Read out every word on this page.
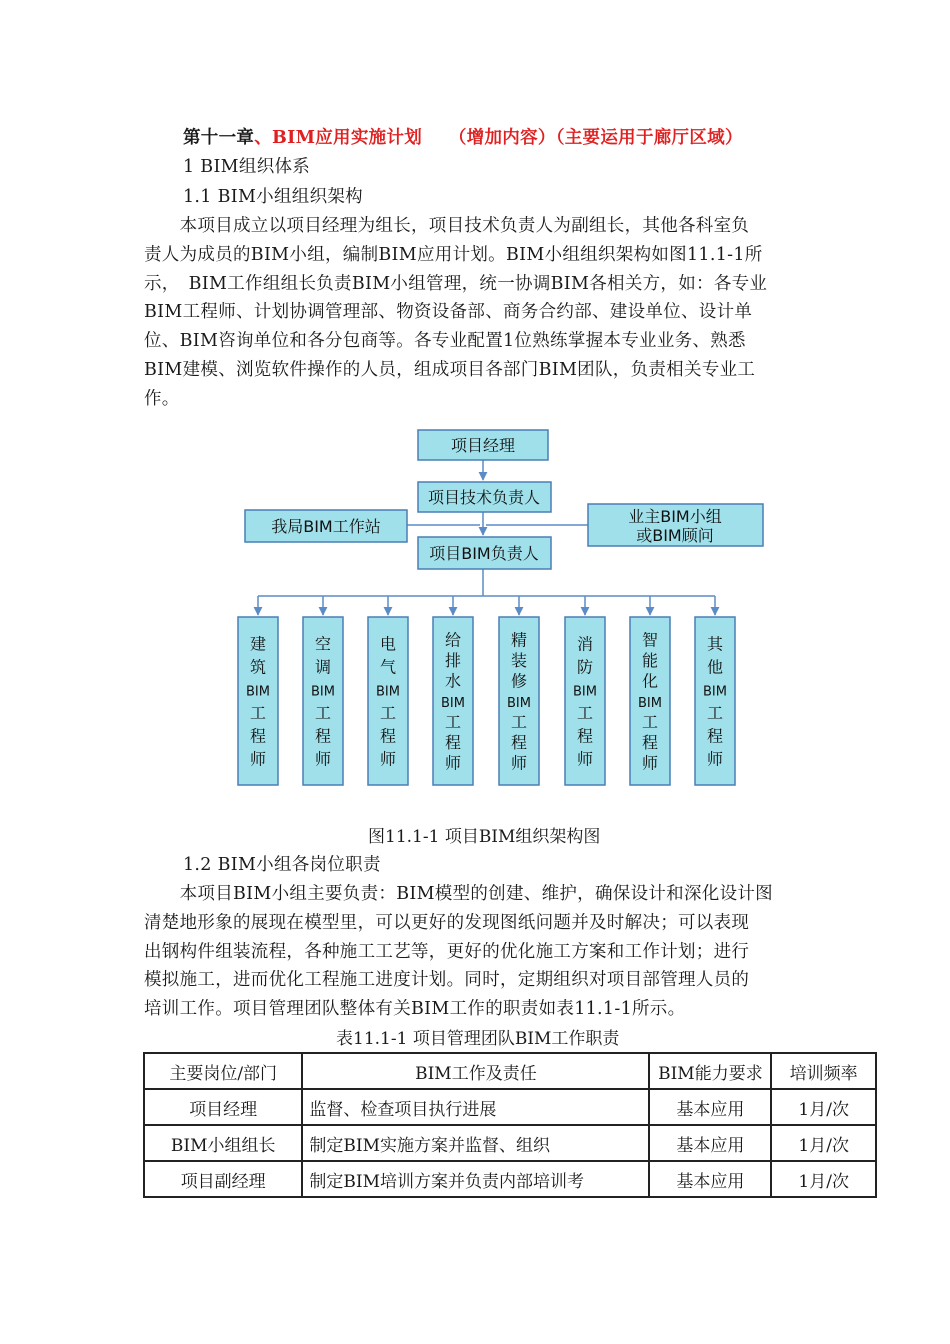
第十一章、BIM应用实施计划　　（增加内容）（主要运用于廊厅区域）
1 BIM组织体系
1.1 BIM小组组织架构
　　本项目成立以项目经理为组长，项目技术负责人为副组长，其他各科室负
责人为成员的BIM小组，编制BIM应用计划。BIM小组组织架构如图11.1-1所
示，　BIM工作组组长负责BIM小组管理，统一协调BIM各相关方，如：各专业
BIM工程师、计划协调管理部、物资设备部、商务合约部、建设单位、设计单
位、BIM咨询单位和各分包商等。各专业配置1位熟练掌握本专业业务、熟悉
BIM建模、浏览软件操作的人员，组成项目各部门BIM团队，负责相关专业工
作。
项目经理
项目技术负责人
我局BIM工作站
业主BIM小组
或BIM顾问
项目BIM负责人
建
筑
BIM
工
程
师
空
调
BIM
工
程
师
电
气
BIM
工
程
师
给
排
水
BIM
工
程
师
精
装
修
BIM
工
程
师
消
防
BIM
工
程
师
智
能
化
BIM
工
程
师
其
他
BIM
工
程
师
图11.1-1 项目BIM组织架构图
1.2 BIM小组各岗位职责
　　本项目BIM小组主要负责：BIM模型的创建、维护，确保设计和深化设计图
清楚地形象的展现在模型里，可以更好的发现图纸问题并及时解决；可以表现
出钢构件组装流程，各种施工工艺等，更好的优化施工方案和工作计划；进行
模拟施工，进而优化工程施工进度计划。同时，定期组织对项目部管理人员的
培训工作。项目管理团队整体有关BIM工作的职责如表11.1-1所示。
表11.1-1 项目管理团队BIM工作职责
主要岗位/部门	BIM工作及责任	BIM能力要求	培训频率
项目经理	监督、检查项目执行进展	基本应用	1月/次
BIM小组组长	制定BIM实施方案并监督、组织	基本应用	1月/次
项目副经理	制定BIM培训方案并负责内部培训考	基本应用	1月/次
